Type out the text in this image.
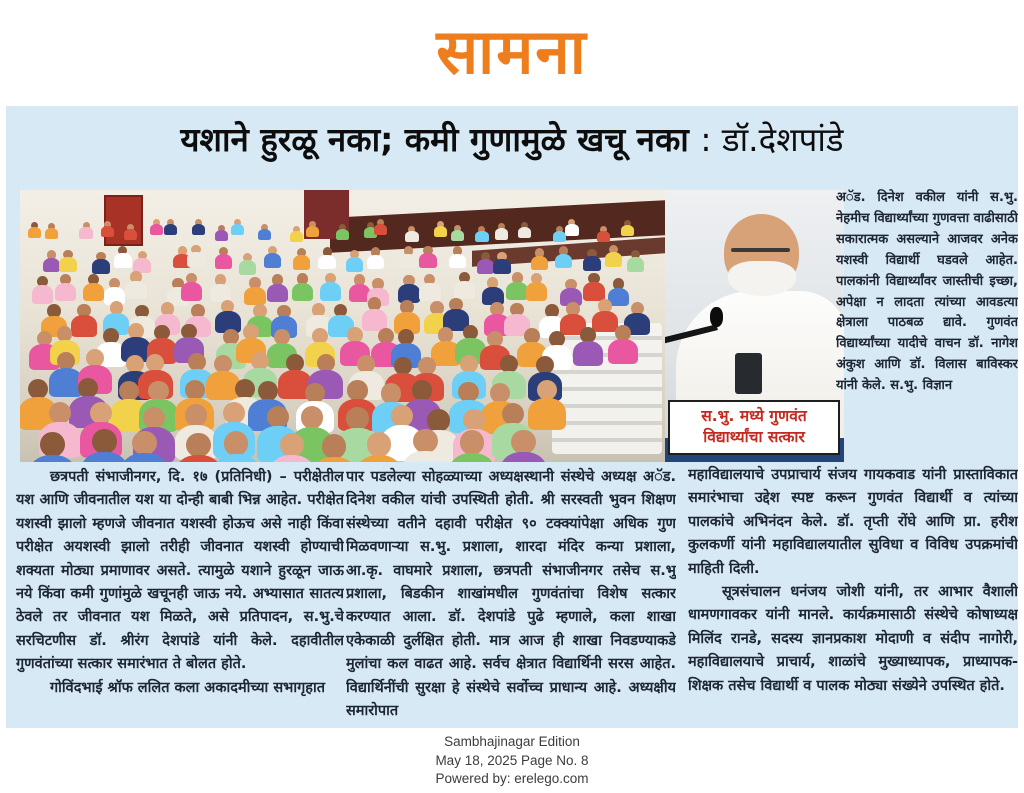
सामना
यशाने हुरळू नका; कमी गुणामुळे खचू नका : डॉ.देशपांडे
स.भु. मध्ये गुणवंत
विद्यार्थ्यांचा सत्कार

छत्रपती संभाजीनगर, दि. १७ (प्रतिनिधी) – परीक्षेतील यश आणि जीवनातील यश या दोन्ही बाबी भिन्न आहेत. परीक्षेत यशस्वी झालो म्हणजे जीवनात यशस्वी होऊच असे नाही किंवा परीक्षेत अयशस्वी झालो तरीही जीवनात यशस्वी होण्याची शक्यता मोठ्या प्रमाणावर असते. त्यामुळे यशाने हुरळून जाऊ नये किंवा कमी गुणांमुळे खचूनही जाऊ नये. अभ्यासात सातत्य ठेवले तर जीवनात यश मिळते, असे प्रतिपादन, स.भु.चे सरचिटणीस डॉ. श्रीरंग देशपांडे यांनी केले. दहावीतील गुणवंतांच्या सत्कार समारंभात ते बोलत होते.

गोविंदभाई श्रॉफ ललित कला अकादमीच्या सभागृहात

पार पडलेल्या सोहळ्याच्या अध्यक्षस्थानी संस्थेचे अध्यक्ष अॅड. दिनेश वकील यांची उपस्थिती होती. श्री सरस्वती भुवन शिक्षण संस्थेच्या वतीने दहावी परीक्षेत ९० टक्क्यांपेक्षा अधिक गुण मिळवणाऱ्या स.भु. प्रशाला, शारदा मंदिर कन्या प्रशाला, आ.कृ. वाघमारे प्रशाला, छत्रपती संभाजीनगर तसेच स.भु प्रशाला, बिडकीन शाखांमधील गुणवंतांचा विशेष सत्कार करण्यात आला. डॉ. देशपांडे पुढे म्हणाले, कला शाखा एकेकाळी दुर्लक्षित होती. मात्र आज ही शाखा निवडण्याकडे मुलांचा कल वाढत आहे. सर्वच क्षेत्रात विद्यार्थिनी सरस आहेत. विद्यार्थिनींची सुरक्षा हे संस्थेचे सर्वोच्च प्राधान्य आहे. अध्यक्षीय समारोपात

अॅड. दिनेश वकील यांनी स.भु. नेहमीच विद्यार्थ्यांच्या गुणवत्ता वाढीसाठी सकारात्मक असल्याने आजवर अनेक यशस्वी विद्यार्थी घडवले आहेत. पालकांनी विद्यार्थ्यांवर जास्तीची इच्छा, अपेक्षा न लादता त्यांच्या आवडत्या क्षेत्राला पाठबळ द्यावे. गुणवंत विद्यार्थ्यांच्या यादीचे वाचन डॉ. नागेश अंकुश आणि डॉ. विलास बाविस्कर यांनी केले. स.भु. विज्ञान

महाविद्यालयाचे उपप्राचार्य संजय गायकवाड यांनी प्रास्ताविकात समारंभाचा उद्देश स्पष्ट करून गुणवंत विद्यार्थी व त्यांच्या पालकांचे अभिनंदन केले. डॉ. तृप्ती रोंघे आणि प्रा. हरीश कुलकर्णी यांनी महाविद्यालयातील सुविधा व विविध उपक्रमांची माहिती दिली.

सूत्रसंचालन धनंजय जोशी यांनी, तर आभार वैशाली धामणगावकर यांनी मानले. कार्यक्रमासाठी संस्थेचे कोषाध्यक्ष मिलिंद रानडे, सदस्य ज्ञानप्रकाश मोदाणी व संदीप नागोरी, महाविद्यालयाचे प्राचार्य, शाळांचे मुख्याध्यापक, प्राध्यापक-शिक्षक तसेच विद्यार्थी व पालक मोठ्या संख्येने उपस्थित होते.

Sambhajinagar Edition
May 18, 2025 Page No. 8
Powered by: erelego.com
